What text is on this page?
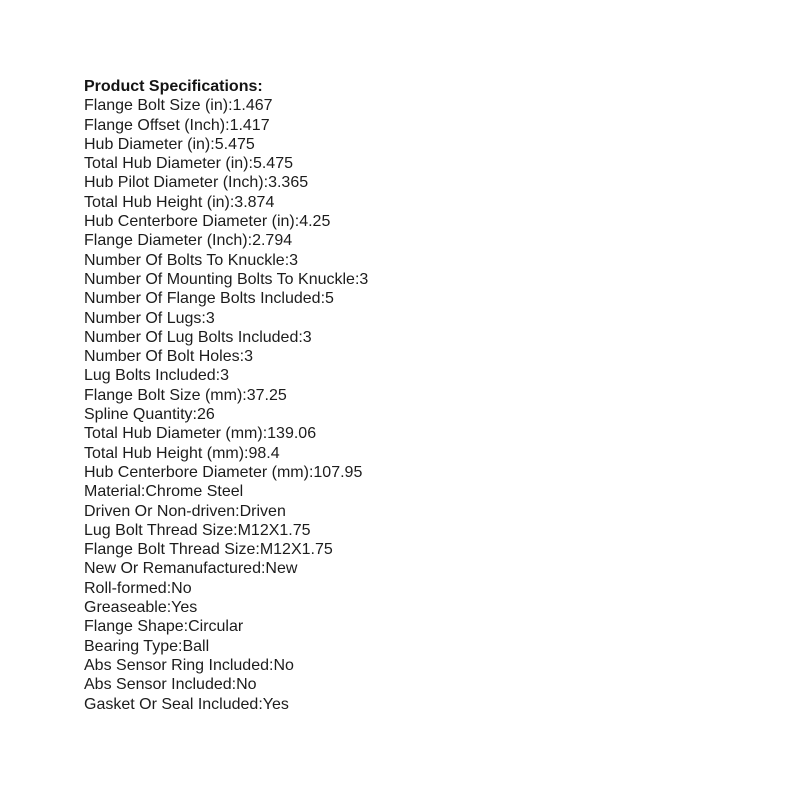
Product Specifications:
Flange Bolt Size (in):1.467
Flange Offset (Inch):1.417
Hub Diameter (in):5.475
Total Hub Diameter (in):5.475
Hub Pilot Diameter (Inch):3.365
Total Hub Height (in):3.874
Hub Centerbore Diameter (in):4.25
Flange Diameter (Inch):2.794
Number Of Bolts To Knuckle:3
Number Of Mounting Bolts To Knuckle:3
Number Of Flange Bolts Included:5
Number Of Lugs:3
Number Of Lug Bolts Included:3
Number Of Bolt Holes:3
Lug Bolts Included:3
Flange Bolt Size (mm):37.25
Spline Quantity:26
Total Hub Diameter (mm):139.06
Total Hub Height (mm):98.4
Hub Centerbore Diameter (mm):107.95
Material:Chrome Steel
Driven Or Non-driven:Driven
Lug Bolt Thread Size:M12X1.75
Flange Bolt Thread Size:M12X1.75
New Or Remanufactured:New
Roll-formed:No
Greaseable:Yes
Flange Shape:Circular
Bearing Type:Ball
Abs Sensor Ring Included:No
Abs Sensor Included:No
Gasket Or Seal Included:Yes
